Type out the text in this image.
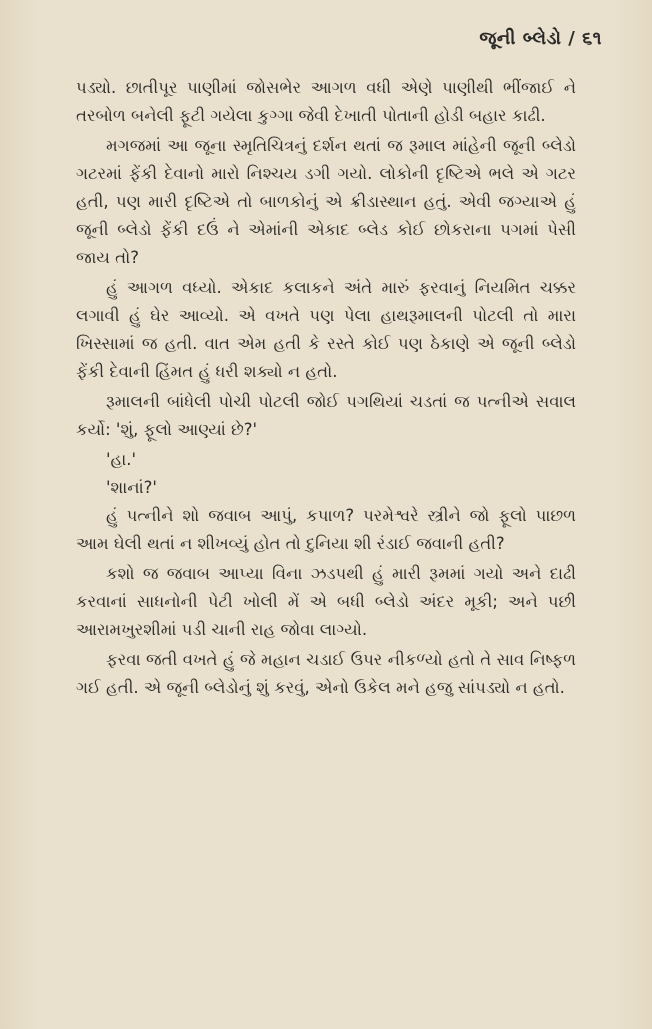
જૂની બ્લેડો / ૬૧

પડ્યો. છાતીપૂર પાણીમાં જોસભેર આગળ વધી એણે પાણીથી ભીંજાઈ ને તરબોળ બનેલી ફૂટી ગયેલા કુગ્ગા જેવી દેખાતી પોતાની હોડી બહાર કાઢી.

મગજમાં આ જૂના સ્મૃતિચિત્રનું દર્શન થતાં જ રૂમાલ માંહેની જૂની બ્લેડો ગટરમાં ફેંકી દેવાનો મારો નિશ્ચય ડગી ગયો. લોકોની દૃષ્ટિએ ભલે એ ગટર હતી, પણ મારી દૃષ્ટિએ તો બાળકોનું એ ક્રીડાસ્થાન હતું. એવી જગ્યાએ હું જૂની બ્લેડો ફેંકી દઉં ને એમાંની એકાદ બ્લેડ કોઈ છોકરાના પગમાં પેસી જાય તો?

હું આગળ વધ્યો. એકાદ કલાકને અંતે મારું ફરવાનું નિયમિત ચક્કર લગાવી હું ઘેર આવ્યો. એ વખતે પણ પેલા હાથરૂમાલની પોટલી તો મારા ખિસ્સામાં જ હતી. વાત એમ હતી કે રસ્તે કોઈ પણ ઠેકાણે એ જૂની બ્લેડો ફેંકી દેવાની હિંમત હું ધરી શક્યો ન હતો.

રૂમાલની બાંધેલી પોચી પોટલી જોઈ પગથિયાં ચડતાં જ પત્નીએ સવાલ કર્યો: 'શું, ફૂલો આણ્યાં છે?'

'હા.'

'શાનાં?'

હું પત્નીને શો જવાબ આપું, કપાળ? પરમેશ્વરે સ્ત્રીને જો ફૂલો પાછળ આમ ઘેલી થતાં ન શીખવ્યું હોત તો દુનિયા શી રંડાઈ જવાની હતી?

કશો જ જવાબ આપ્યા વિના ઝડપથી હું મારી રૂમમાં ગયો અને દાઢી કરવાનાં સાધનોની પેટી ખોલી મેં એ બધી બ્લેડો અંદર મૂકી; અને પછી આરામખુરશીમાં પડી ચાની રાહ જોવા લાગ્યો.

ફરવા જતી વખતે હું જે મહાન ચડાઈ ઉપર નીકળ્યો હતો તે સાવ નિષ્ફળ ગઈ હતી. એ જૂની બ્લેડોનું શું કરવું, એનો ઉકેલ મને હજુ સાંપડ્યો ન હતો.
